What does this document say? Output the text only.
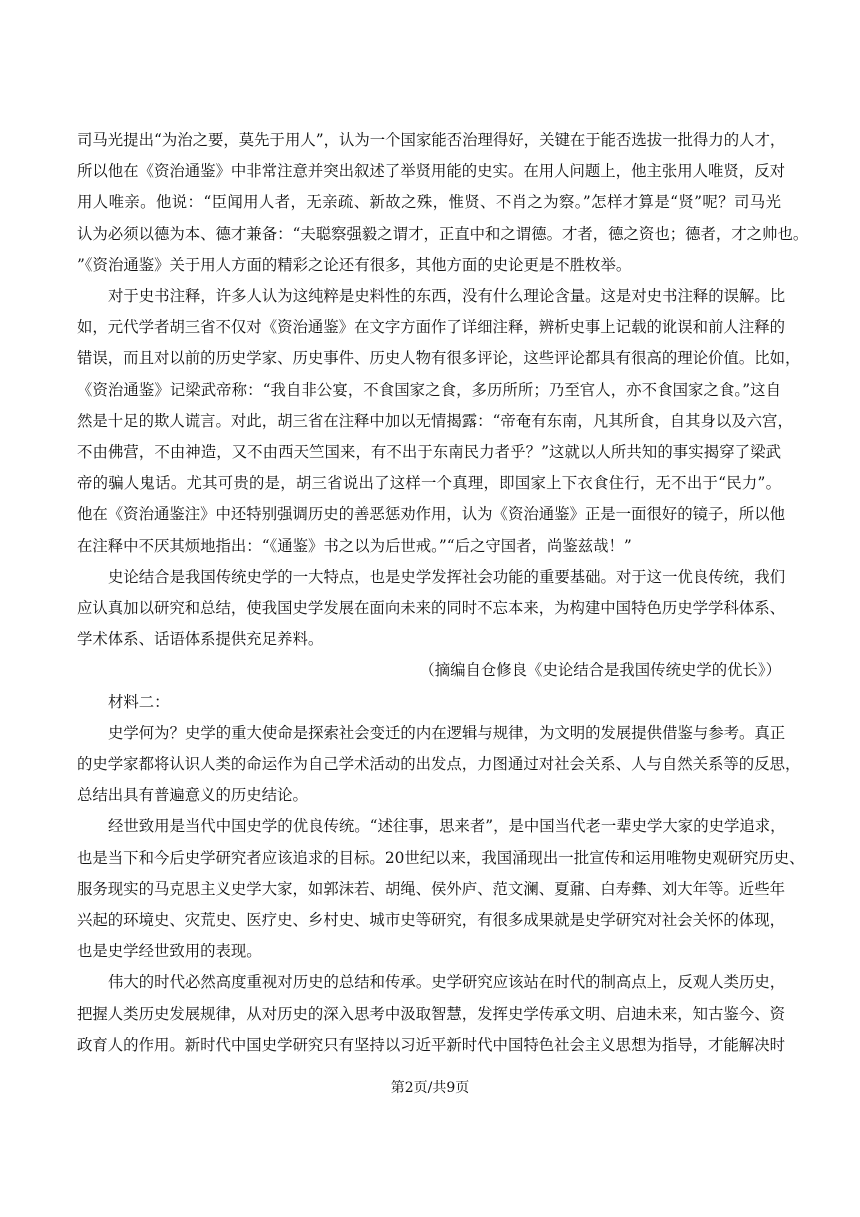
司马光提出“为治之要，莫先于用人”，认为一个国家能否治理得好，关键在于能否选拔一批得力的人才，
所以他在《资治通鉴》中非常注意并突出叙述了举贤用能的史实。在用人问题上，他主张用人唯贤，反对
用人唯亲。他说：“臣闻用人者，无亲疏、新故之殊，惟贤、不肖之为察。”怎样才算是“贤”呢？司马光
认为必须以德为本、德才兼备：“夫聪察强毅之谓才，正直中和之谓德。才者，德之资也；德者，才之帅也。
”《资治通鉴》关于用人方面的精彩之论还有很多，其他方面的史论更是不胜枚举。
对于史书注释，许多人认为这纯粹是史料性的东西，没有什么理论含量。这是对史书注释的误解。比
如，元代学者胡三省不仅对《资治通鉴》在文字方面作了详细注释，辨析史事上记载的讹误和前人注释的
错误，而且对以前的历史学家、历史事件、历史人物有很多评论，这些评论都具有很高的理论价值。比如，
《资治通鉴》记梁武帝称：“我自非公宴，不食国家之食，多历所所；乃至官人，亦不食国家之食。”这自
然是十足的欺人谎言。对此，胡三省在注释中加以无情揭露：“帝奄有东南，凡其所食，自其身以及六宫，
不由佛营，不由神造，又不由西天竺国来，有不出于东南民力者乎？”这就以人所共知的事实揭穿了梁武
帝的骗人鬼话。尤其可贵的是，胡三省说出了这样一个真理，即国家上下衣食住行，无不出于“民力”。
他在《资治通鉴注》中还特别强调历史的善恶惩劝作用，认为《资治通鉴》正是一面很好的镜子，所以他
在注释中不厌其烦地指出：“《通鉴》书之以为后世戒。”“后之守国者，尚鉴兹哉！”
史论结合是我国传统史学的一大特点，也是史学发挥社会功能的重要基础。对于这一优良传统，我们
应认真加以研究和总结，使我国史学发展在面向未来的同时不忘本来，为构建中国特色历史学学科体系、
学术体系、话语体系提供充足养料。
（摘编自仓修良《史论结合是我国传统史学的优长》）
材料二：
史学何为？史学的重大使命是探索社会变迁的内在逻辑与规律，为文明的发展提供借鉴与参考。真正
的史学家都将认识人类的命运作为自己学术活动的出发点，力图通过对社会关系、人与自然关系等的反思，
总结出具有普遍意义的历史结论。
经世致用是当代中国史学的优良传统。“述往事，思来者”，是中国当代老一辈史学大家的史学追求，
也是当下和今后史学研究者应该追求的目标。20世纪以来，我国涌现出一批宣传和运用唯物史观研究历史、
服务现实的马克思主义史学大家，如郭沫若、胡绳、侯外庐、范文澜、夏鼐、白寿彝、刘大年等。近些年
兴起的环境史、灾荒史、医疗史、乡村史、城市史等研究，有很多成果就是史学研究对社会关怀的体现，
也是史学经世致用的表现。
伟大的时代必然高度重视对历史的总结和传承。史学研究应该站在时代的制高点上，反观人类历史，
把握人类历史发展规律，从对历史的深入思考中汲取智慧，发挥史学传承文明、启迪未来，知古鉴今、资
政育人的作用。新时代中国史学研究只有坚持以习近平新时代中国特色社会主义思想为指导，才能解决时
第2页/共9页
